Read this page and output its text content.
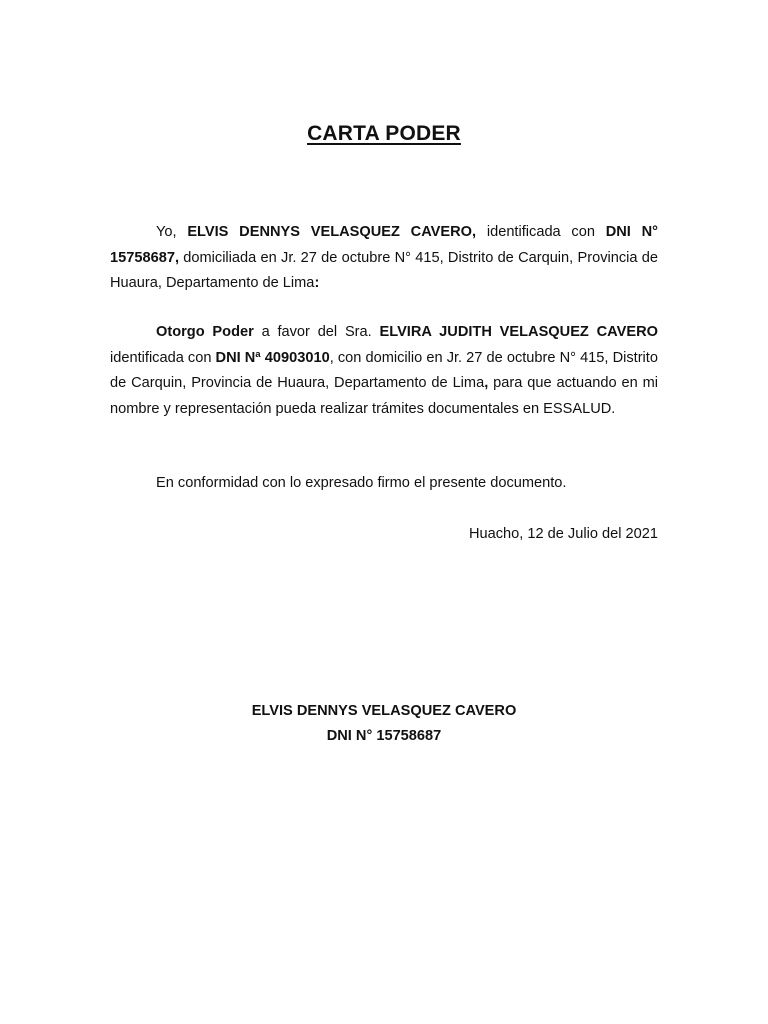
CARTA PODER
Yo, ELVIS DENNYS VELASQUEZ CAVERO, identificada con DNI N° 15758687, domiciliada en Jr. 27 de octubre N° 415, Distrito de Carquin, Provincia de Huaura, Departamento de Lima:
Otorgo Poder a favor del Sra. ELVIRA JUDITH VELASQUEZ CAVERO identificada con DNI Nª 40903010, con domicilio en Jr. 27 de octubre N° 415, Distrito de Carquin, Provincia de Huaura, Departamento de Lima, para que actuando en mi nombre y representación pueda realizar trámites documentales en ESSALUD.
En conformidad con lo expresado firmo el presente documento.
Huacho, 12 de Julio del 2021
ELVIS DENNYS VELASQUEZ CAVERO
DNI N° 15758687
